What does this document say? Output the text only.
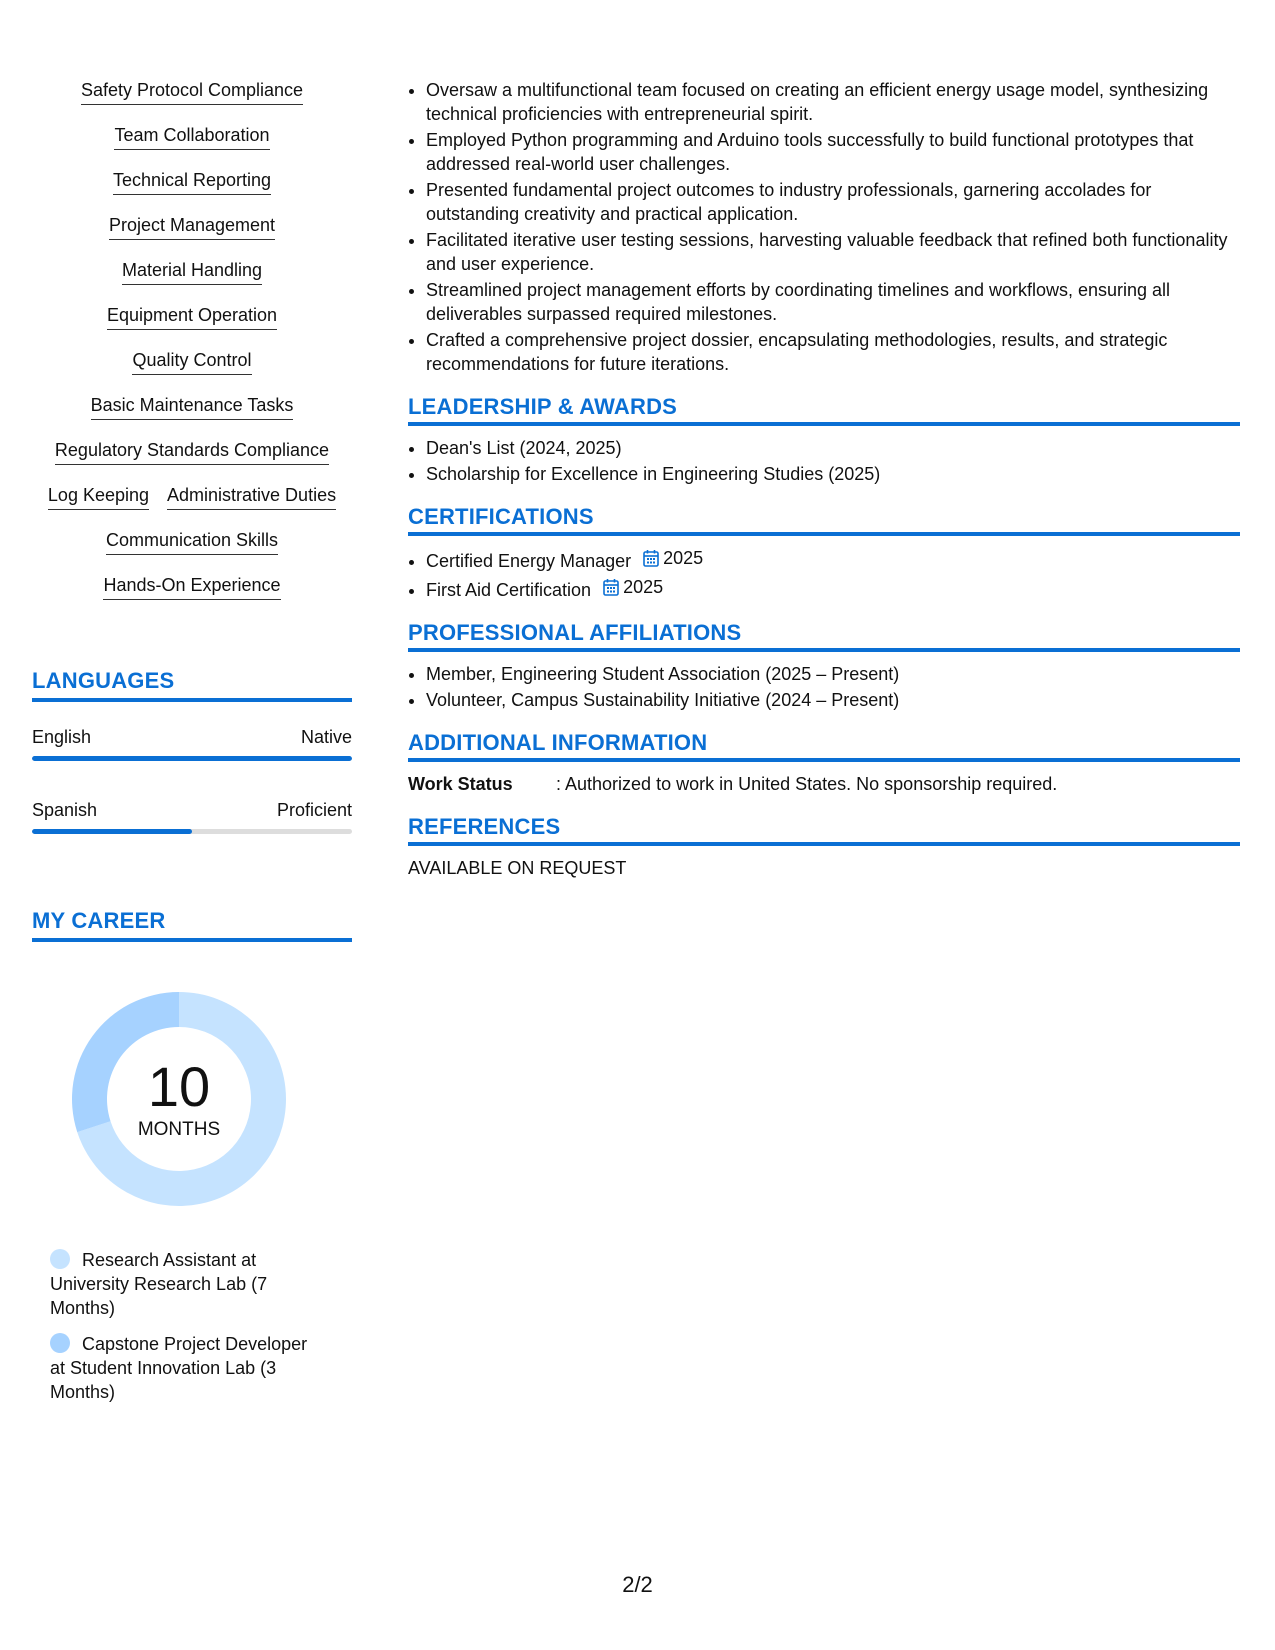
Safety Protocol Compliance
Team Collaboration
Technical Reporting
Project Management
Material Handling
Equipment Operation
Quality Control
Basic Maintenance Tasks
Regulatory Standards Compliance
Log Keeping Administrative Duties
Communication Skills
Hands-On Experience
LANGUAGES
English	Native
Spanish	Proficient
MY CAREER
10
MONTHS
Research Assistant at University Research Lab (7 Months)
Capstone Project Developer at Student Innovation Lab (3 Months)
• Oversaw a multifunctional team focused on creating an efficient energy usage model, synthesizing technical proficiencies with entrepreneurial spirit.
• Employed Python programming and Arduino tools successfully to build functional prototypes that addressed real-world user challenges.
• Presented fundamental project outcomes to industry professionals, garnering accolades for outstanding creativity and practical application.
• Facilitated iterative user testing sessions, harvesting valuable feedback that refined both functionality and user experience.
• Streamlined project management efforts by coordinating timelines and workflows, ensuring all deliverables surpassed required milestones.
• Crafted a comprehensive project dossier, encapsulating methodologies, results, and strategic recommendations for future iterations.
LEADERSHIP & AWARDS
• Dean's List (2024, 2025)
• Scholarship for Excellence in Engineering Studies (2025)
CERTIFICATIONS
• Certified Energy Manager 2025
• First Aid Certification 2025
PROFESSIONAL AFFILIATIONS
• Member, Engineering Student Association (2025 – Present)
• Volunteer, Campus Sustainability Initiative (2024 – Present)
ADDITIONAL INFORMATION
Work Status	: Authorized to work in United States. No sponsorship required.
REFERENCES
AVAILABLE ON REQUEST
2/2
